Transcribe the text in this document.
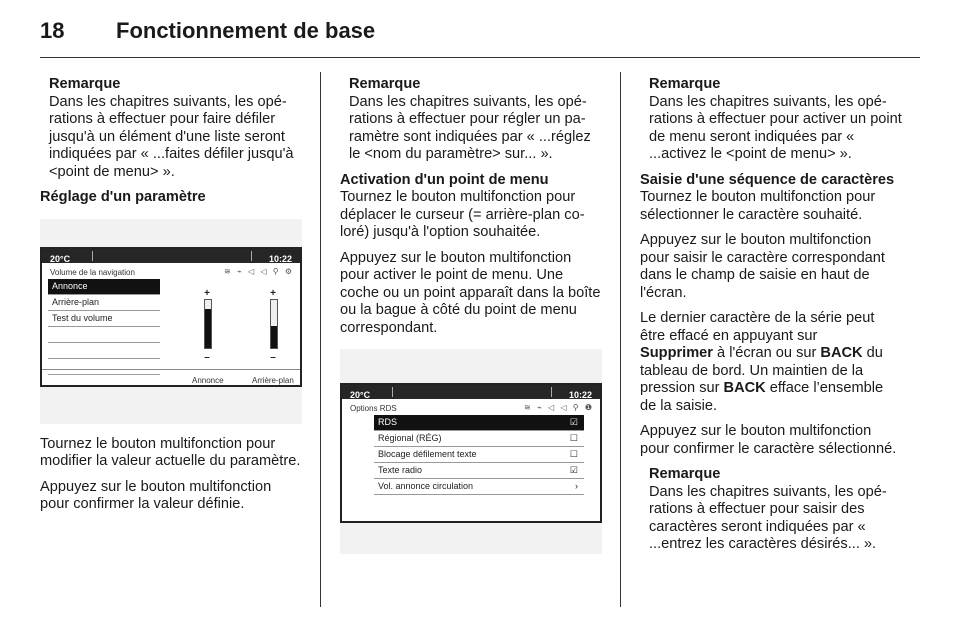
18 Fonctionnement de base
Remarque
Dans les chapitres suivants, les opérations à effectuer pour faire défiler jusqu'à un élément d'une liste seront indiquées par « ...faites défiler jusqu'à <point de menu> ».
Réglage d'un paramètre
20°C	10:22
Volume de la navigation	≋ ⌁ ◁ ◁ ⚲ ⚙
Annonce
Arrière-plan
Test du volume
+
–
+
–
Annonce	Arrière-plan

Tournez le bouton multifonction pour modifier la valeur actuelle du paramètre.

Appuyez sur le bouton multifonction pour confirmer la valeur définie.

Remarque
Dans les chapitres suivants, les opérations à effectuer pour régler un paramètre sont indiquées par « ...réglez le <nom du paramètre> sur... ».
Activation d'un point de menu

Tournez le bouton multifonction pour déplacer le curseur (= arrière-plan coloré) jusqu'à l'option souhaitée.

Appuyez sur le bouton multifonction pour activer le point de menu. Une coche ou un point apparaît dans la boîte ou la bague à côté du point de menu correspondant.

20°C	10:22
Options RDS	≋ ⌁ ◁ ◁ ⚲ ❶
RDS	☑
Régional (RÉG)	☐
Blocage défilement texte	☐
Texte radio	☑
Vol. annonce circulation	›
Remarque
Dans les chapitres suivants, les opérations à effectuer pour activer un point de menu seront indiquées par « ...activez le <point de menu> ».
Saisie d'une séquence de caractères

Tournez le bouton multifonction pour sélectionner le caractère souhaité.

Appuyez sur le bouton multifonction pour saisir le caractère correspondant dans le champ de saisie en haut de l'écran.

Le dernier caractère de la série peut être effacé en appuyant sur
Supprimer à l'écran ou sur BACK du tableau de bord. Un maintien de la pression sur BACK efface l’ensemble de la saisie.

Appuyez sur le bouton multifonction pour confirmer le caractère sélectionné.

Remarque
Dans les chapitres suivants, les opérations à effectuer pour saisir des caractères seront indiquées par « ...entrez les caractères désirés... ».
